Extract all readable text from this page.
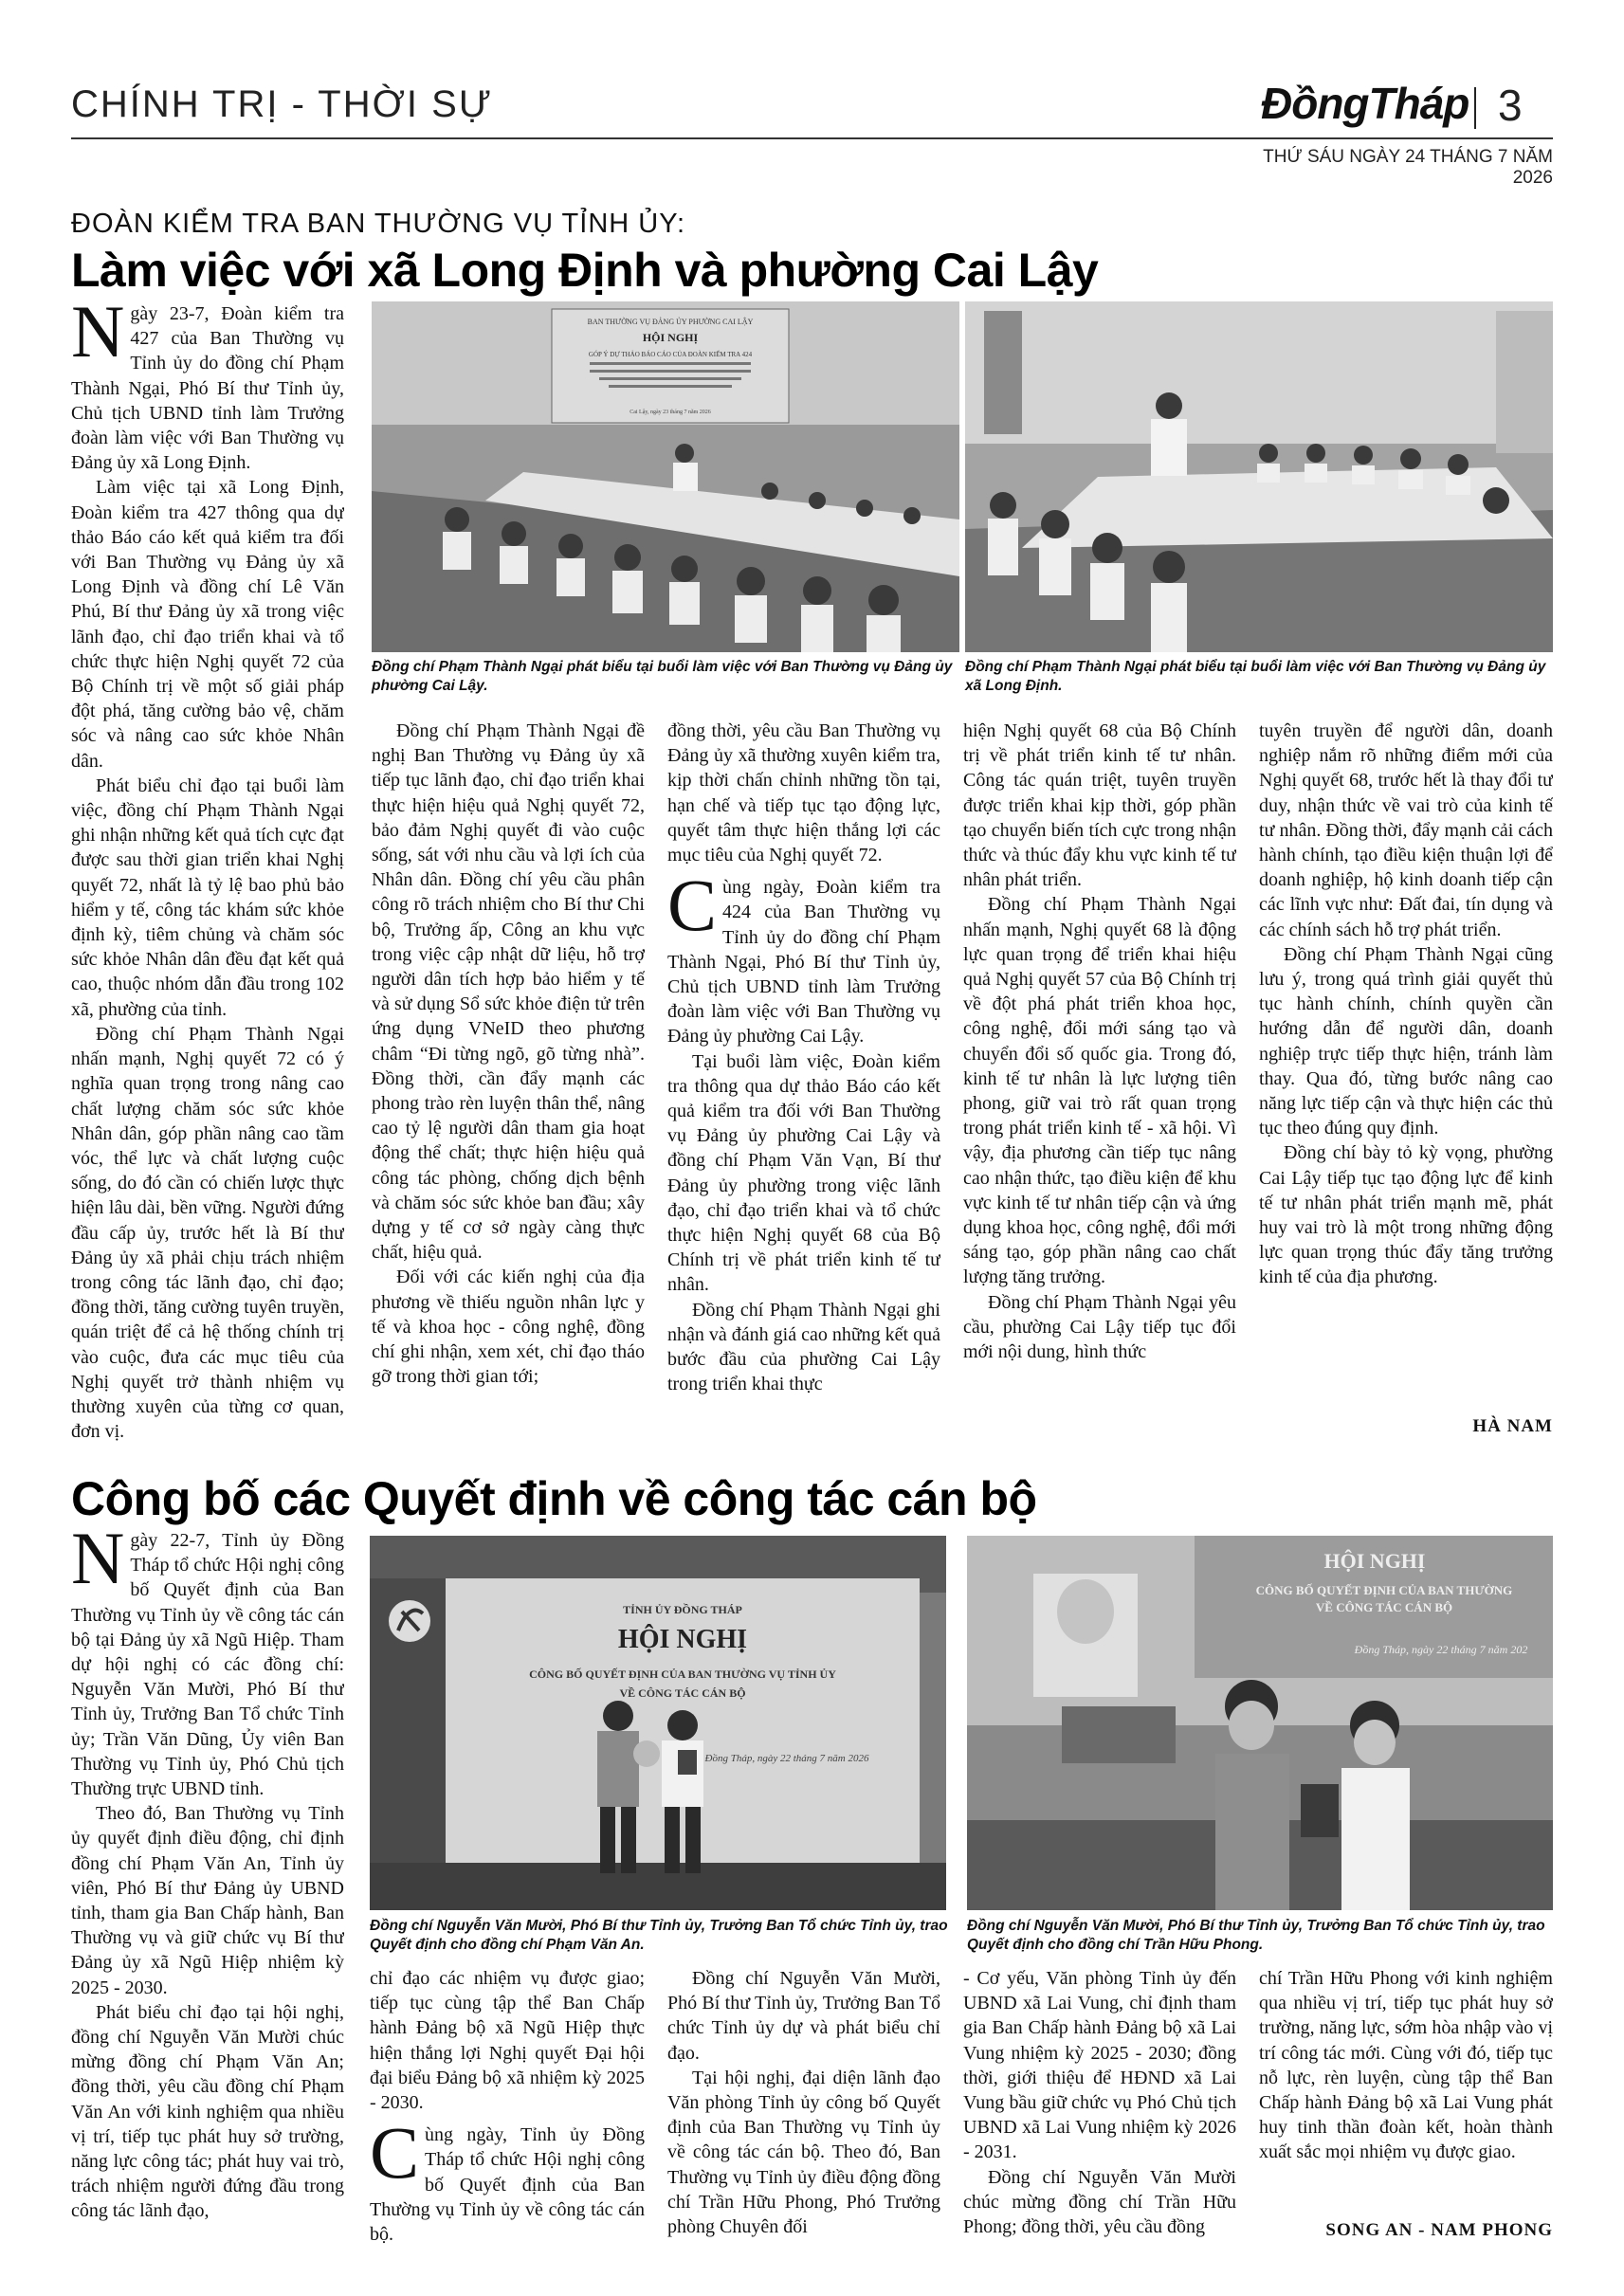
CHÍNH TRỊ - THỜI SỰ	ĐồngTháp 3
THỨ SÁU NGÀY 24 THÁNG 7 NĂM 2026
ĐOÀN KIỂM TRA BAN THƯỜNG VỤ TỈNH ỦY:
Làm việc với xã Long Định và phường Cai Lậy

Ngày 23-7, Đoàn kiểm tra 427 của Ban Thường vụ Tỉnh ủy do đồng chí Phạm Thành Ngại, Phó Bí thư Tỉnh ủy, Chủ tịch UBND tỉnh làm Trưởng đoàn làm việc với Ban Thường vụ Đảng ủy xã Long Định.

Làm việc tại xã Long Định, Đoàn kiểm tra 427 thông qua dự thảo Báo cáo kết quả kiểm tra đối với Ban Thường vụ Đảng ủy xã Long Định và đồng chí Lê Văn Phú, Bí thư Đảng ủy xã trong việc lãnh đạo, chỉ đạo triển khai và tổ chức thực hiện Nghị quyết 72 của Bộ Chính trị về một số giải pháp đột phá, tăng cường bảo vệ, chăm sóc và nâng cao sức khỏe Nhân dân.

Phát biểu chỉ đạo tại buổi làm việc, đồng chí Phạm Thành Ngại ghi nhận những kết quả tích cực đạt được sau thời gian triển khai Nghị quyết 72, nhất là tỷ lệ bao phủ bảo hiểm y tế, công tác khám sức khỏe định kỳ, tiêm chủng và chăm sóc sức khỏe Nhân dân đều đạt kết quả cao, thuộc nhóm dẫn đầu trong 102 xã, phường của tỉnh.

Đồng chí Phạm Thành Ngại nhấn mạnh, Nghị quyết 72 có ý nghĩa quan trọng trong nâng cao chất lượng chăm sóc sức khỏe Nhân dân, góp phần nâng cao tầm vóc, thể lực và chất lượng cuộc sống, do đó cần có chiến lược thực hiện lâu dài, bền vững. Người đứng đầu cấp ủy, trước hết là Bí thư Đảng ủy xã phải chịu trách nhiệm trong công tác lãnh đạo, chỉ đạo; đồng thời, tăng cường tuyên truyền, quán triệt để cả hệ thống chính trị vào cuộc, đưa các mục tiêu của Nghị quyết trở thành nhiệm vụ thường xuyên của từng cơ quan, đơn vị.

BAN THƯỜNG VỤ ĐẢNG ỦY PHƯỜNG CAI LẬY
HỘI NGHỊ
GÓP Ý DỰ THẢO BÁO CÁO CỦA ĐOÀN KIỂM TRA 424
Cai Lậy, ngày 23 tháng 7 năm 2026
Đồng chí Phạm Thành Ngại phát biểu tại buổi làm việc với Ban Thường vụ Đảng ủy phường Cai Lậy.
Đồng chí Phạm Thành Ngại phát biểu tại buổi làm việc với Ban Thường vụ Đảng ủy xã Long Định.

Đồng chí Phạm Thành Ngại đề nghị Ban Thường vụ Đảng ủy xã tiếp tục lãnh đạo, chỉ đạo triển khai thực hiện hiệu quả Nghị quyết 72, bảo đảm Nghị quyết đi vào cuộc sống, sát với nhu cầu và lợi ích của Nhân dân. Đồng chí yêu cầu phân công rõ trách nhiệm cho Bí thư Chi bộ, Trưởng ấp, Công an khu vực trong việc cập nhật dữ liệu, hỗ trợ người dân tích hợp bảo hiểm y tế và sử dụng Sổ sức khỏe điện tử trên ứng dụng VNeID theo phương châm “Đi từng ngõ, gõ từng nhà”. Đồng thời, cần đẩy mạnh các phong trào rèn luyện thân thể, nâng cao tỷ lệ người dân tham gia hoạt động thể chất; thực hiện hiệu quả công tác phòng, chống dịch bệnh và chăm sóc sức khỏe ban đầu; xây dựng y tế cơ sở ngày càng thực chất, hiệu quả.

Đối với các kiến nghị của địa phương về thiếu nguồn nhân lực y tế và khoa học - công nghệ, đồng chí ghi nhận, xem xét, chỉ đạo tháo gỡ trong thời gian tới;

đồng thời, yêu cầu Ban Thường vụ Đảng ủy xã thường xuyên kiểm tra, kịp thời chấn chỉnh những tồn tại, hạn chế và tiếp tục tạo động lực, quyết tâm thực hiện thắng lợi các mục tiêu của Nghị quyết 72.

Cùng ngày, Đoàn kiểm tra 424 của Ban Thường vụ Tỉnh ủy do đồng chí Phạm Thành Ngại, Phó Bí thư Tỉnh ủy, Chủ tịch UBND tỉnh làm Trưởng đoàn làm việc với Ban Thường vụ Đảng ủy phường Cai Lậy.

Tại buổi làm việc, Đoàn kiểm tra thông qua dự thảo Báo cáo kết quả kiểm tra đối với Ban Thường vụ Đảng ủy phường Cai Lậy và đồng chí Phạm Văn Vạn, Bí thư Đảng ủy phường trong việc lãnh đạo, chỉ đạo triển khai và tổ chức thực hiện Nghị quyết 68 của Bộ Chính trị về phát triển kinh tế tư nhân.

Đồng chí Phạm Thành Ngại ghi nhận và đánh giá cao những kết quả bước đầu của phường Cai Lậy trong triển khai thực

hiện Nghị quyết 68 của Bộ Chính trị về phát triển kinh tế tư nhân. Công tác quán triệt, tuyên truyền được triển khai kịp thời, góp phần tạo chuyển biến tích cực trong nhận thức và thúc đẩy khu vực kinh tế tư nhân phát triển.

Đồng chí Phạm Thành Ngại nhấn mạnh, Nghị quyết 68 là động lực quan trọng để triển khai hiệu quả Nghị quyết 57 của Bộ Chính trị về đột phá phát triển khoa học, công nghệ, đổi mới sáng tạo và chuyển đổi số quốc gia. Trong đó, kinh tế tư nhân là lực lượng tiên phong, giữ vai trò rất quan trọng trong phát triển kinh tế - xã hội. Vì vậy, địa phương cần tiếp tục nâng cao nhận thức, tạo điều kiện để khu vực kinh tế tư nhân tiếp cận và ứng dụng khoa học, công nghệ, đổi mới sáng tạo, góp phần nâng cao chất lượng tăng trưởng.

Đồng chí Phạm Thành Ngại yêu cầu, phường Cai Lậy tiếp tục đổi mới nội dung, hình thức

tuyên truyền để người dân, doanh nghiệp nắm rõ những điểm mới của Nghị quyết 68, trước hết là thay đổi tư duy, nhận thức về vai trò của kinh tế tư nhân. Đồng thời, đẩy mạnh cải cách hành chính, tạo điều kiện thuận lợi để doanh nghiệp, hộ kinh doanh tiếp cận các lĩnh vực như: Đất đai, tín dụng và các chính sách hỗ trợ phát triển.

Đồng chí Phạm Thành Ngại cũng lưu ý, trong quá trình giải quyết thủ tục hành chính, chính quyền cần hướng dẫn để người dân, doanh nghiệp trực tiếp thực hiện, tránh làm thay. Qua đó, từng bước nâng cao năng lực tiếp cận và thực hiện các thủ tục theo đúng quy định.

Đồng chí bày tỏ kỳ vọng, phường Cai Lậy tiếp tục tạo động lực để kinh tế tư nhân phát triển mạnh mẽ, phát huy vai trò là một trong những động lực quan trọng thúc đẩy tăng trưởng kinh tế của địa phương.

HÀ NAM
Công bố các Quyết định về công tác cán bộ

Ngày 22-7, Tỉnh ủy Đồng Tháp tổ chức Hội nghị công bố Quyết định của Ban Thường vụ Tỉnh ủy về công tác cán bộ tại Đảng ủy xã Ngũ Hiệp. Tham dự hội nghị có các đồng chí: Nguyễn Văn Mười, Phó Bí thư Tỉnh ủy, Trưởng Ban Tổ chức Tỉnh ủy; Trần Văn Dũng, Ủy viên Ban Thường vụ Tỉnh ủy, Phó Chủ tịch Thường trực UBND tỉnh.

Theo đó, Ban Thường vụ Tỉnh ủy quyết định điều động, chỉ định đồng chí Phạm Văn An, Tỉnh ủy viên, Phó Bí thư Đảng ủy UBND tỉnh, tham gia Ban Chấp hành, Ban Thường vụ và giữ chức vụ Bí thư Đảng ủy xã Ngũ Hiệp nhiệm kỳ 2025 - 2030.

Phát biểu chỉ đạo tại hội nghị, đồng chí Nguyễn Văn Mười chúc mừng đồng chí Phạm Văn An; đồng thời, yêu cầu đồng chí Phạm Văn An với kinh nghiệm qua nhiều vị trí, tiếp tục phát huy sở trường, năng lực công tác; phát huy vai trò, trách nhiệm người đứng đầu trong công tác lãnh đạo,

TỈNH ỦY ĐỒNG THÁP
HỘI NGHỊ
CÔNG BỐ QUYẾT ĐỊNH CỦA BAN THƯỜNG VỤ TỈNH ỦY
VỀ CÔNG TÁC CÁN BỘ
Đồng Tháp, ngày 22 tháng 7 năm 2026
Đồng chí Nguyễn Văn Mười, Phó Bí thư Tỉnh ủy, Trưởng Ban Tổ chức Tỉnh ủy, trao Quyết định cho đồng chí Phạm Văn An.
HỘI NGHỊ
CÔNG BỐ QUYẾT ĐỊNH CỦA BAN THƯỜNG
VỀ CÔNG TÁC CÁN BỘ
Đồng Tháp, ngày 22 tháng 7 năm 202
Đồng chí Nguyễn Văn Mười, Phó Bí thư Tỉnh ủy, Trưởng Ban Tổ chức Tỉnh ủy, trao Quyết định cho đồng chí Trần Hữu Phong.

chỉ đạo các nhiệm vụ được giao; tiếp tục cùng tập thể Ban Chấp hành Đảng bộ xã Ngũ Hiệp thực hiện thắng lợi Nghị quyết Đại hội đại biểu Đảng bộ xã nhiệm kỳ 2025 - 2030.

Cùng ngày, Tỉnh ủy Đồng Tháp tổ chức Hội nghị công bố Quyết định của Ban Thường vụ Tỉnh ủy về công tác cán bộ.

Đồng chí Nguyễn Văn Mười, Phó Bí thư Tỉnh ủy, Trưởng Ban Tổ chức Tỉnh ủy dự và phát biểu chỉ đạo.

Tại hội nghị, đại diện lãnh đạo Văn phòng Tỉnh ủy công bố Quyết định của Ban Thường vụ Tỉnh ủy về công tác cán bộ. Theo đó, Ban Thường vụ Tỉnh ủy điều động đồng chí Trần Hữu Phong, Phó Trưởng phòng Chuyên đối

- Cơ yếu, Văn phòng Tỉnh ủy đến UBND xã Lai Vung, chỉ định tham gia Ban Chấp hành Đảng bộ xã Lai Vung nhiệm kỳ 2025 - 2030; đồng thời, giới thiệu để HĐND xã Lai Vung bầu giữ chức vụ Phó Chủ tịch UBND xã Lai Vung nhiệm kỳ 2026 - 2031.

Đồng chí Nguyễn Văn Mười chúc mừng đồng chí Trần Hữu Phong; đồng thời, yêu cầu đồng

chí Trần Hữu Phong với kinh nghiệm qua nhiều vị trí, tiếp tục phát huy sở trường, năng lực, sớm hòa nhập vào vị trí công tác mới. Cùng với đó, tiếp tục nỗ lực, rèn luyện, cùng tập thể Ban Chấp hành Đảng bộ xã Lai Vung phát huy tinh thần đoàn kết, hoàn thành xuất sắc mọi nhiệm vụ được giao.

SONG AN - NAM PHONG
